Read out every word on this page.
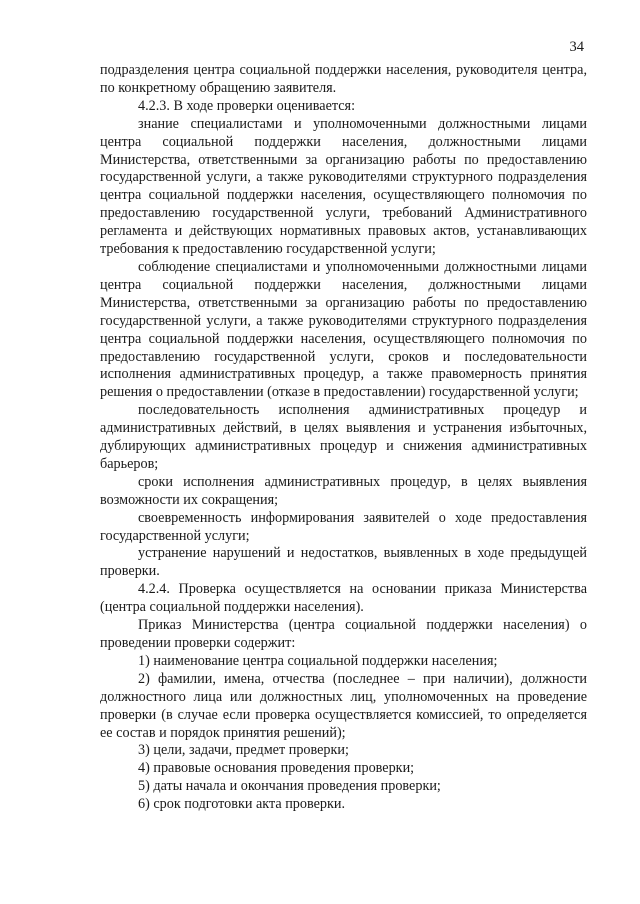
34

подразделения центра социальной поддержки населения, руководителя центра, по конкретному обращению заявителя.

4.2.3. В ходе проверки оценивается:

знание специалистами и уполномоченными должностными лицами центра социальной поддержки населения, должностными лицами Министерства, ответственными за организацию работы по предоставлению государственной услуги, а также руководителями структурного подразделения центра социальной поддержки населения, осуществляющего полномочия по предоставлению государственной услуги, требований Административного регламента и действующих нормативных правовых актов, устанавливающих требования к предоставлению государственной услуги;

соблюдение специалистами и уполномоченными должностными лицами центра социальной поддержки населения, должностными лицами Министерства, ответственными за организацию работы по предоставлению государственной услуги, а также руководителями структурного подразделения центра социальной поддержки населения, осуществляющего полномочия по предоставлению государственной услуги, сроков и последовательности исполнения административных процедур, а также правомерность принятия решения о предоставлении (отказе в предоставлении) государственной услуги;

последовательность исполнения административных процедур и административных действий, в целях выявления и устранения избыточных, дублирующих административных процедур и снижения административных барьеров;

сроки исполнения административных процедур, в целях выявления возможности их сокращения;

своевременность информирования заявителей о ходе предоставления государственной услуги;

устранение нарушений и недостатков, выявленных в ходе предыдущей проверки.

4.2.4. Проверка осуществляется на основании приказа Министерства (центра социальной поддержки населения).

Приказ Министерства (центра социальной поддержки населения) о проведении проверки содержит:

1) наименование центра социальной поддержки населения;

2) фамилии, имена, отчества (последнее – при наличии), должности должностного лица или должностных лиц, уполномоченных на проведение проверки (в случае если проверка осуществляется комиссией, то определяется ее состав и порядок принятия решений);

3) цели, задачи, предмет проверки;

4) правовые основания проведения проверки;

5) даты начала и окончания проведения проверки;

6) срок подготовки акта проверки.
